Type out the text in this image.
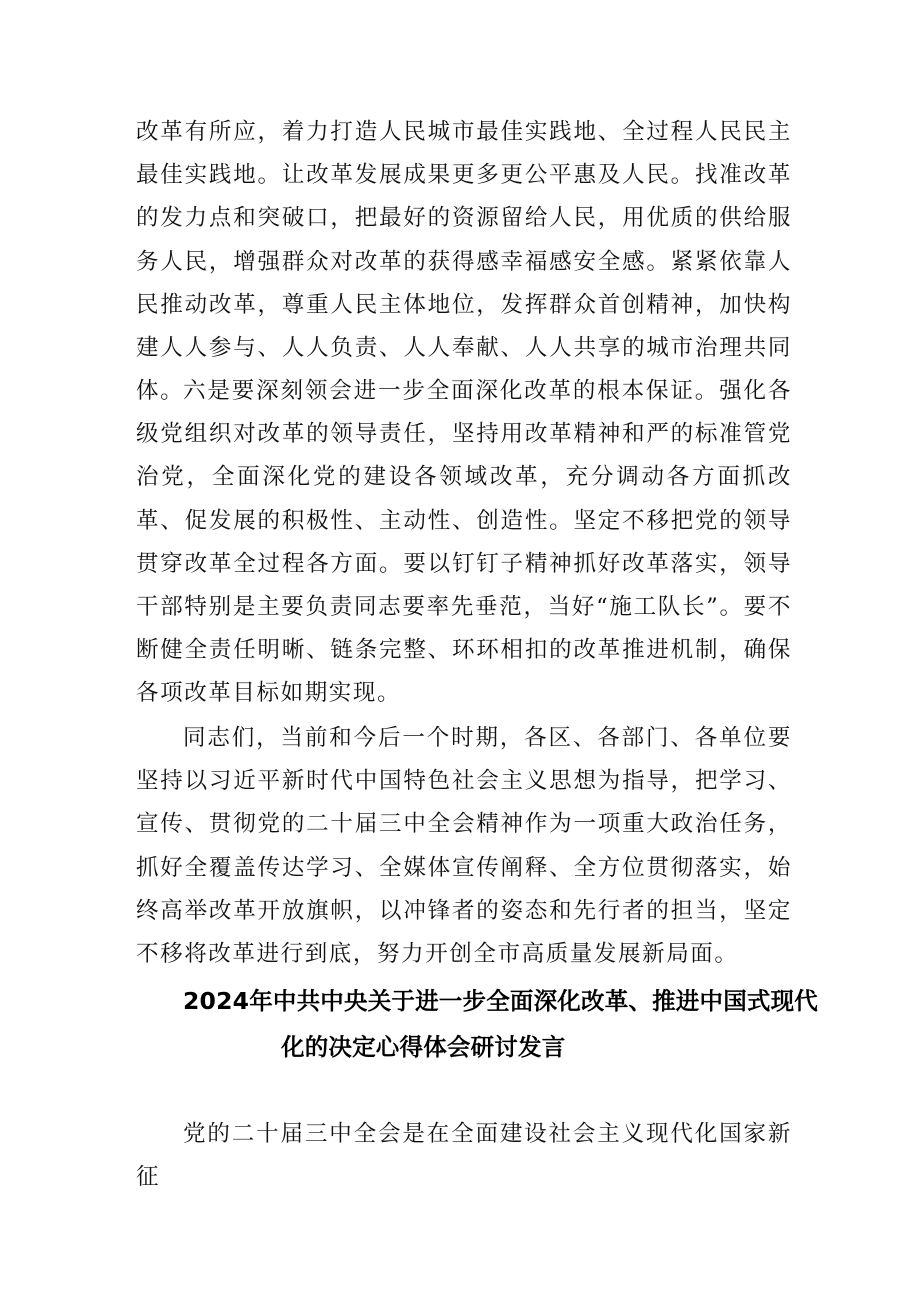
改革有所应，着力打造人民城市最佳实践地、全过程人民民主最佳实践地。让改革发展成果更多更公平惠及人民。找准改革的发力点和突破口，把最好的资源留给人民，用优质的供给服务人民，增强群众对改革的获得感幸福感安全感。紧紧依靠人民推动改革，尊重人民主体地位，发挥群众首创精神，加快构建人人参与、人人负责、人人奉献、人人共享的城市治理共同体。

六是要深刻领会进一步全面深化改革的根本保证。强化各级党组织对改革的领导责任，坚持用改革精神和严的标准管党治党，全面深化党的建设各领域改革，充分调动各方面抓改革、促发展的积极性、主动性、创造性。坚定不移把党的领导贯穿改革全过程各方面。要以钉钉子精神抓好改革落实，领导干部特别是主要负责同志要率先垂范，当好“施工队长”。要不断健全责任明晰、链条完整、环环相扣的改革推进机制，确保各项改革目标如期实现。

同志们，当前和今后一个时期，各区、各部门、各单位要坚持以习近平新时代中国特色社会主义思想为指导，把学习、宣传、贯彻党的二十届三中全会精神作为一项重大政治任务，抓好全覆盖传达学习、全媒体宣传阐释、全方位贯彻落实，始终高举改革开放旗帜，以冲锋者的姿态和先行者的担当，坚定不移将改革进行到底，努力开创全市高质量发展新局面。

2024年中共中央关于进一步全面深化改革、推进中国式现代
化的决定心得体会研讨发言

党的二十届三中全会是在全面建设社会主义现代化国家新征
